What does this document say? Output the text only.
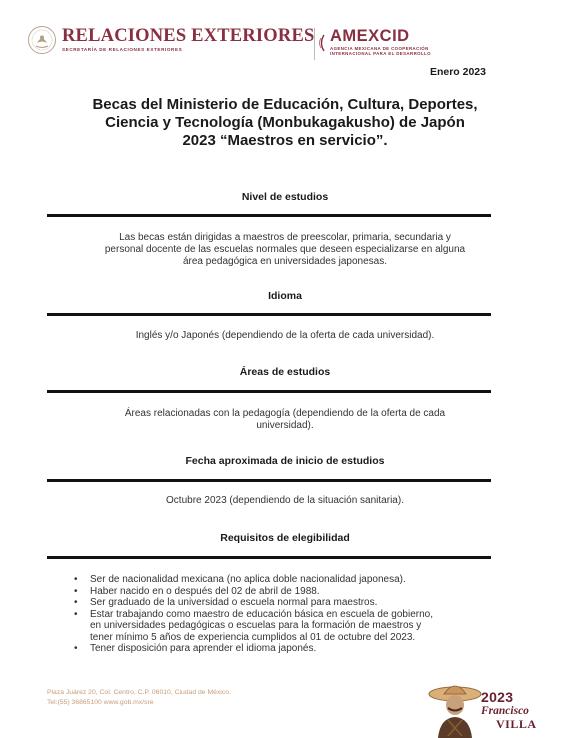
RELACIONES EXTERIORES
SECRETARÍA DE RELACIONES EXTERIORES
AMEXCID
AGENCIA MEXICANA DE COOPERACIÓN
INTERNACIONAL PARA EL DESARROLLO
Enero 2023
Becas del Ministerio de Educación, Cultura, Deportes,
Ciencia y Tecnología (Monbukagakusho) de Japón
2023 “Maestros en servicio”.
Nivel de estudios
Las becas están dirigidas a maestros de preescolar, primaria, secundaria y
personal docente de las escuelas normales que deseen especializarse en alguna
área pedagógica en universidades japonesas.
Idioma
Inglés y/o Japonés (dependiendo de la oferta de cada universidad).
Áreas de estudios
Áreas relacionadas con la pedagogía (dependiendo de la oferta de cada
universidad).
Fecha aproximada de inicio de estudios
Octubre 2023 (dependiendo de la situación sanitaria).
Requisitos de elegibilidad
• Ser de nacionalidad mexicana (no aplica doble nacionalidad japonesa).
• Haber nacido en o después del 02 de abril de 1988.
• Ser graduado de la universidad o escuela normal para maestros.
• Estar trabajando como maestro de educación básica en escuela de gobierno,
en universidades pedagógicas o escuelas para la formación de maestros y
tener mínimo 5 años de experiencia cumplidos al 01 de octubre del 2023.
• Tener disposición para aprender el idioma japonés.
Plaza Juárez 20, Col. Centro, C.P. 06010, Ciudad de México.
Tel:(55) 36865100 www.gob.mx/sre	2023
Francisco
VILLA
